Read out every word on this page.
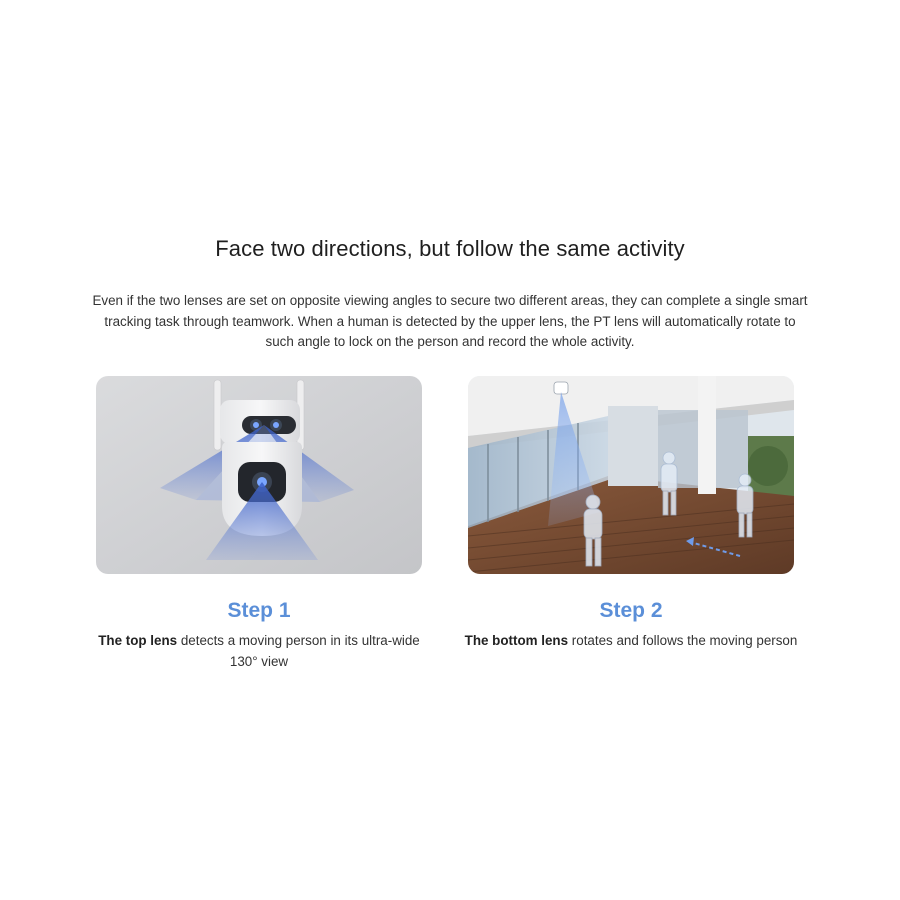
Face two directions, but follow the same activity

Even if the two lenses are set on opposite viewing angles to secure two different areas, they can complete a single smart tracking task through teamwork. When a human is detected by the upper lens, the PT lens will automatically rotate to such angle to lock on the person and record the whole activity.

Step 1

The top lens detects a moving person in its ultra-wide 130° view

Step 2

The bottom lens rotates and follows the moving person
